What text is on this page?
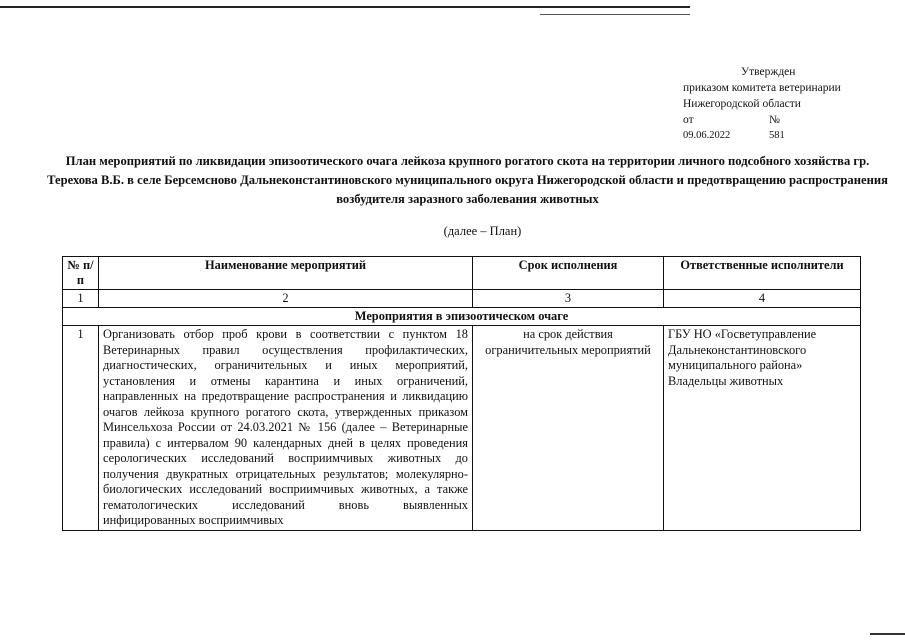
Утвержден
приказом комитета ветеринарии
Нижегородской области
от	№
09.06.2022	581
План мероприятий по ликвидации эпизоотического очага лейкоза крупного рогатого скота на территории личного подсобного хозяйства гр. Терехова В.Б. в селе Берсемсново Дальнеконстантиновского муниципального округа Нижегородской области и предотвращению распространения возбудителя заразного заболевания животных
(далее – План)
№ п/п	Наименование мероприятий	Срок исполнения	Ответственные исполнители
1	2	3	4
Мероприятия в эпизоотическом очаге			
1	Организовать отбор проб крови в соответствии с пунктом 18 Ветеринарных правил осуществления профилактических, диагностических, ограничительных и иных мероприятий, установления и отмены карантина и иных ограничений, направленных на предотвращение распространения и ликвидацию очагов лейкоза крупного рогатого скота, утвержденных приказом Минсельхоза России от 24.03.2021 № 156 (далее – Ветеринарные правила) с интервалом 90 календарных дней в целях проведения серологических исследований восприимчивых животных до получения двукратных отрицательных результатов; молекулярно-биологических исследований восприимчивых животных, а также гематологических исследований вновь выявленных инфицированных восприимчивых	на срок действия ограничительных мероприятий	ГБУ НО «Госветуправление Дальнеконстантиновского муниципального района» Владельцы животных
